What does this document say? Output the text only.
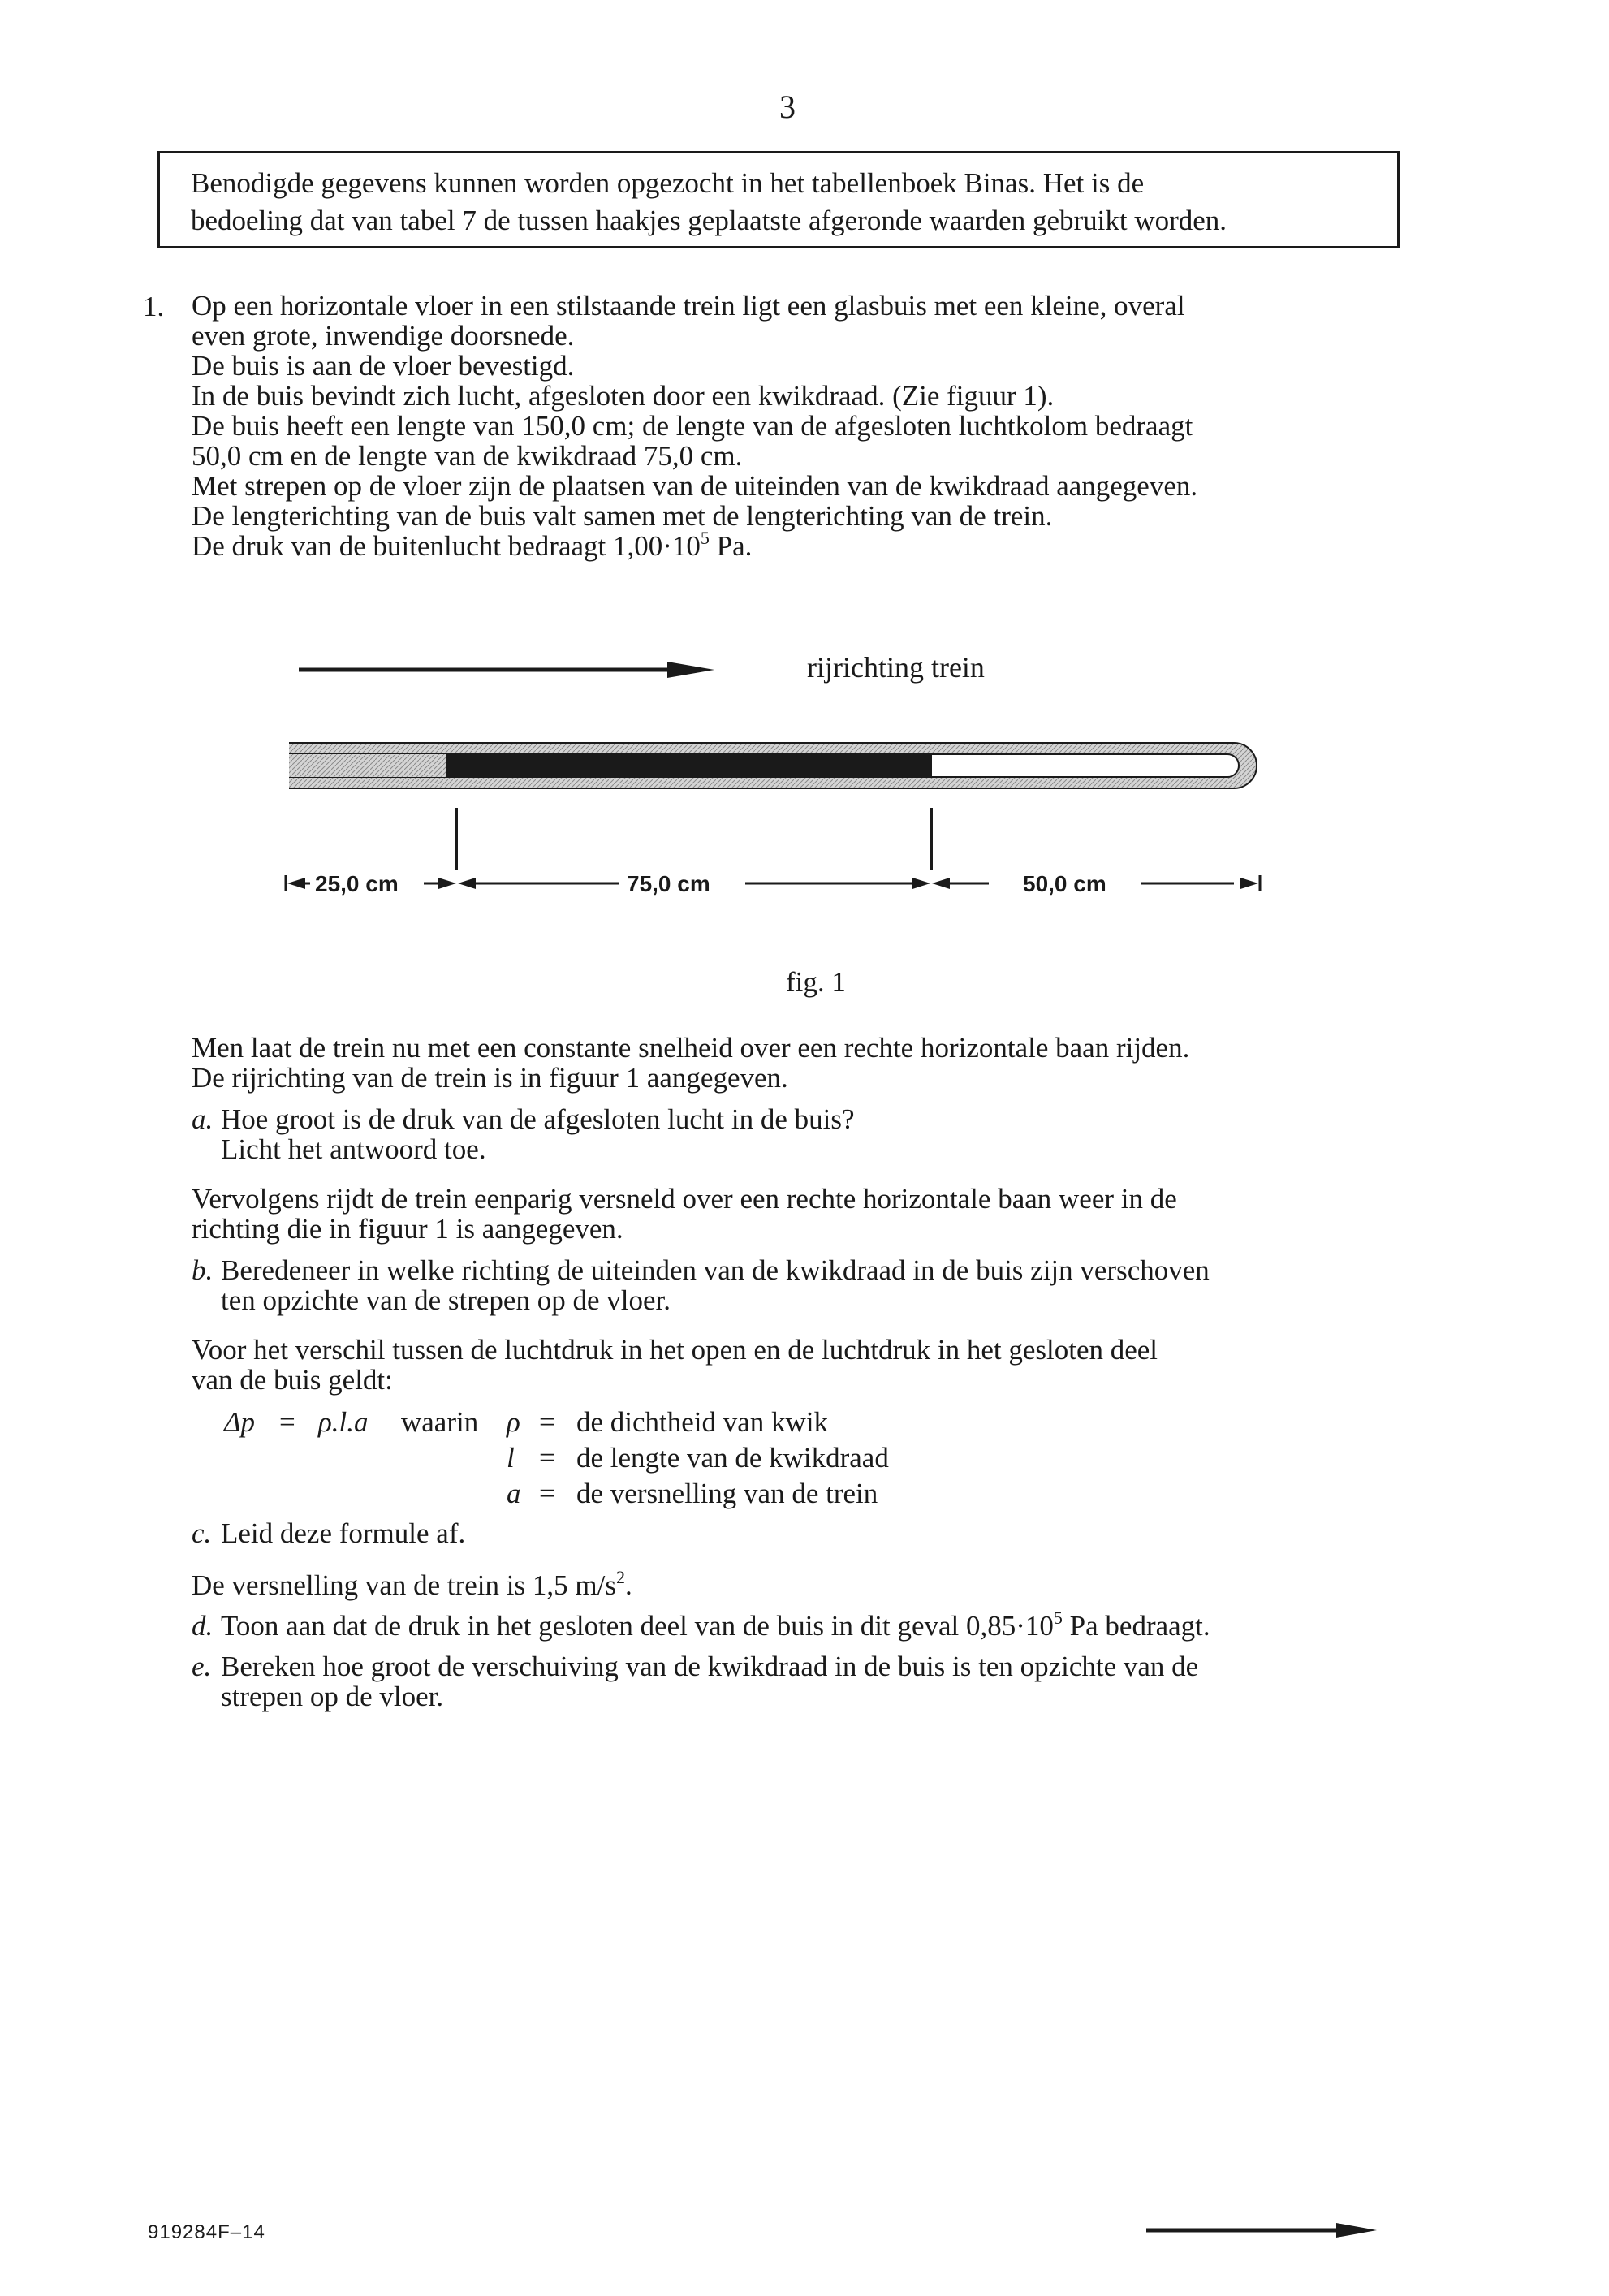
3
Benodigde gegevens kunnen worden opgezocht in het tabellenboek Binas. Het is de
bedoeling dat van tabel 7 de tussen haakjes geplaatste afgeronde waarden gebruikt worden.
1. Op een horizontale vloer in een stilstaande trein ligt een glasbuis met een kleine, overal
even grote, inwendige doorsnede.
De buis is aan de vloer bevestigd.
In de buis bevindt zich lucht, afgesloten door een kwikdraad. (Zie figuur 1).
De buis heeft een lengte van 150,0 cm; de lengte van de afgesloten luchtkolom bedraagt
50,0 cm en de lengte van de kwikdraad 75,0 cm.
Met strepen op de vloer zijn de plaatsen van de uiteinden van de kwikdraad aangegeven.
De lengterichting van de buis valt samen met de lengterichting van de trein.
De druk van de buitenlucht bedraagt $1,00\cdot 10^5$ Pa.
rijrichting trein
25,0 cm	75,0 cm	50,0 cm
fig. 1
Men laat de trein nu met een constante snelheid over een rechte horizontale baan rijden.
De rijrichting van de trein is in figuur 1 aangegeven.
a. Hoe groot is de druk van de afgesloten lucht in de buis?
Licht het antwoord toe.
Vervolgens rijdt de trein eenparig versneld over een rechte horizontale baan weer in de
richting die in figuur 1 is aangegeven.
b. Beredeneer in welke richting de uiteinden van de kwikdraad in de buis zijn verschoven
ten opzichte van de strepen op de vloer.
Voor het verschil tussen de luchtdruk in het open en de luchtdruk in het gesloten deel
van de buis geldt:
Δp = ρ.l.a waarin ρ = de dichtheid van kwik
l = de lengte van de kwikdraad
a = de versnelling van de trein
c. Leid deze formule af.
De versnelling van de trein is 1,5 $m/s^2$.
d. Toon aan dat de druk in het gesloten deel van de buis in dit geval $0,85\cdot 10^5$ Pa bedraagt.
e. Bereken hoe groot de verschuiving van de kwikdraad in de buis is ten opzichte van de
strepen op de vloer.
919284F–14
